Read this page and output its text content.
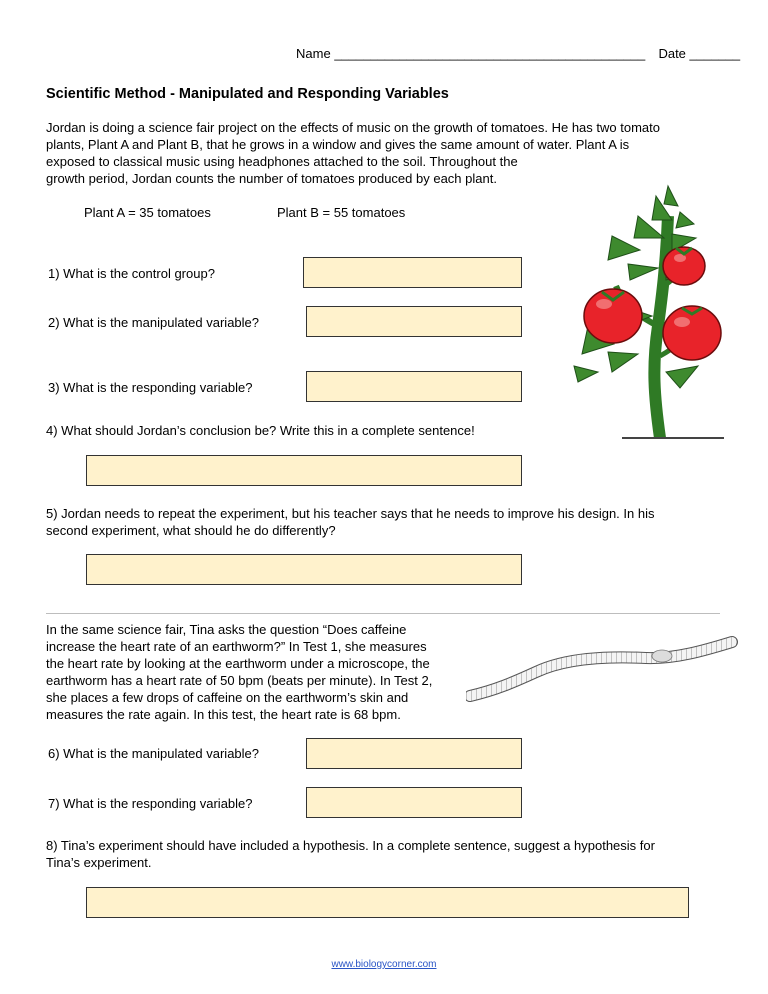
Name ___________________________________________ Date _______
Scientific Method - Manipulated and Responding Variables
Jordan is doing a science fair project on the effects of music on the growth of tomatoes. He has two tomato
plants, Plant A and Plant B, that he grows in a window and gives the same amount of water. Plant A is
exposed to classical music using headphones attached to the soil. Throughout the
growth period, Jordan counts the number of tomatoes produced by each plant.
Plant A = 35 tomatoes	Plant B = 55 tomatoes
1) What is the control group?
2) What is the manipulated variable?
3) What is the responding variable?
4) What should Jordan’s conclusion be? Write this in a complete sentence!
5) Jordan needs to repeat the experiment, but his teacher says that he needs to improve his design. In his
second experiment, what should he do differently?
In the same science fair, Tina asks the question “Does caffeine
increase the heart rate of an earthworm?” In Test 1, she measures
the heart rate by looking at the earthworm under a microscope, the
earthworm has a heart rate of 50 bpm (beats per minute). In Test 2,
she places a few drops of caffeine on the earthworm’s skin and
measures the rate again. In this test, the heart rate is 68 bpm.
6) What is the manipulated variable?
7) What is the responding variable?
8) Tina’s experiment should have included a hypothesis. In a complete sentence, suggest a hypothesis for
Tina’s experiment.
www.biologycorner.com
